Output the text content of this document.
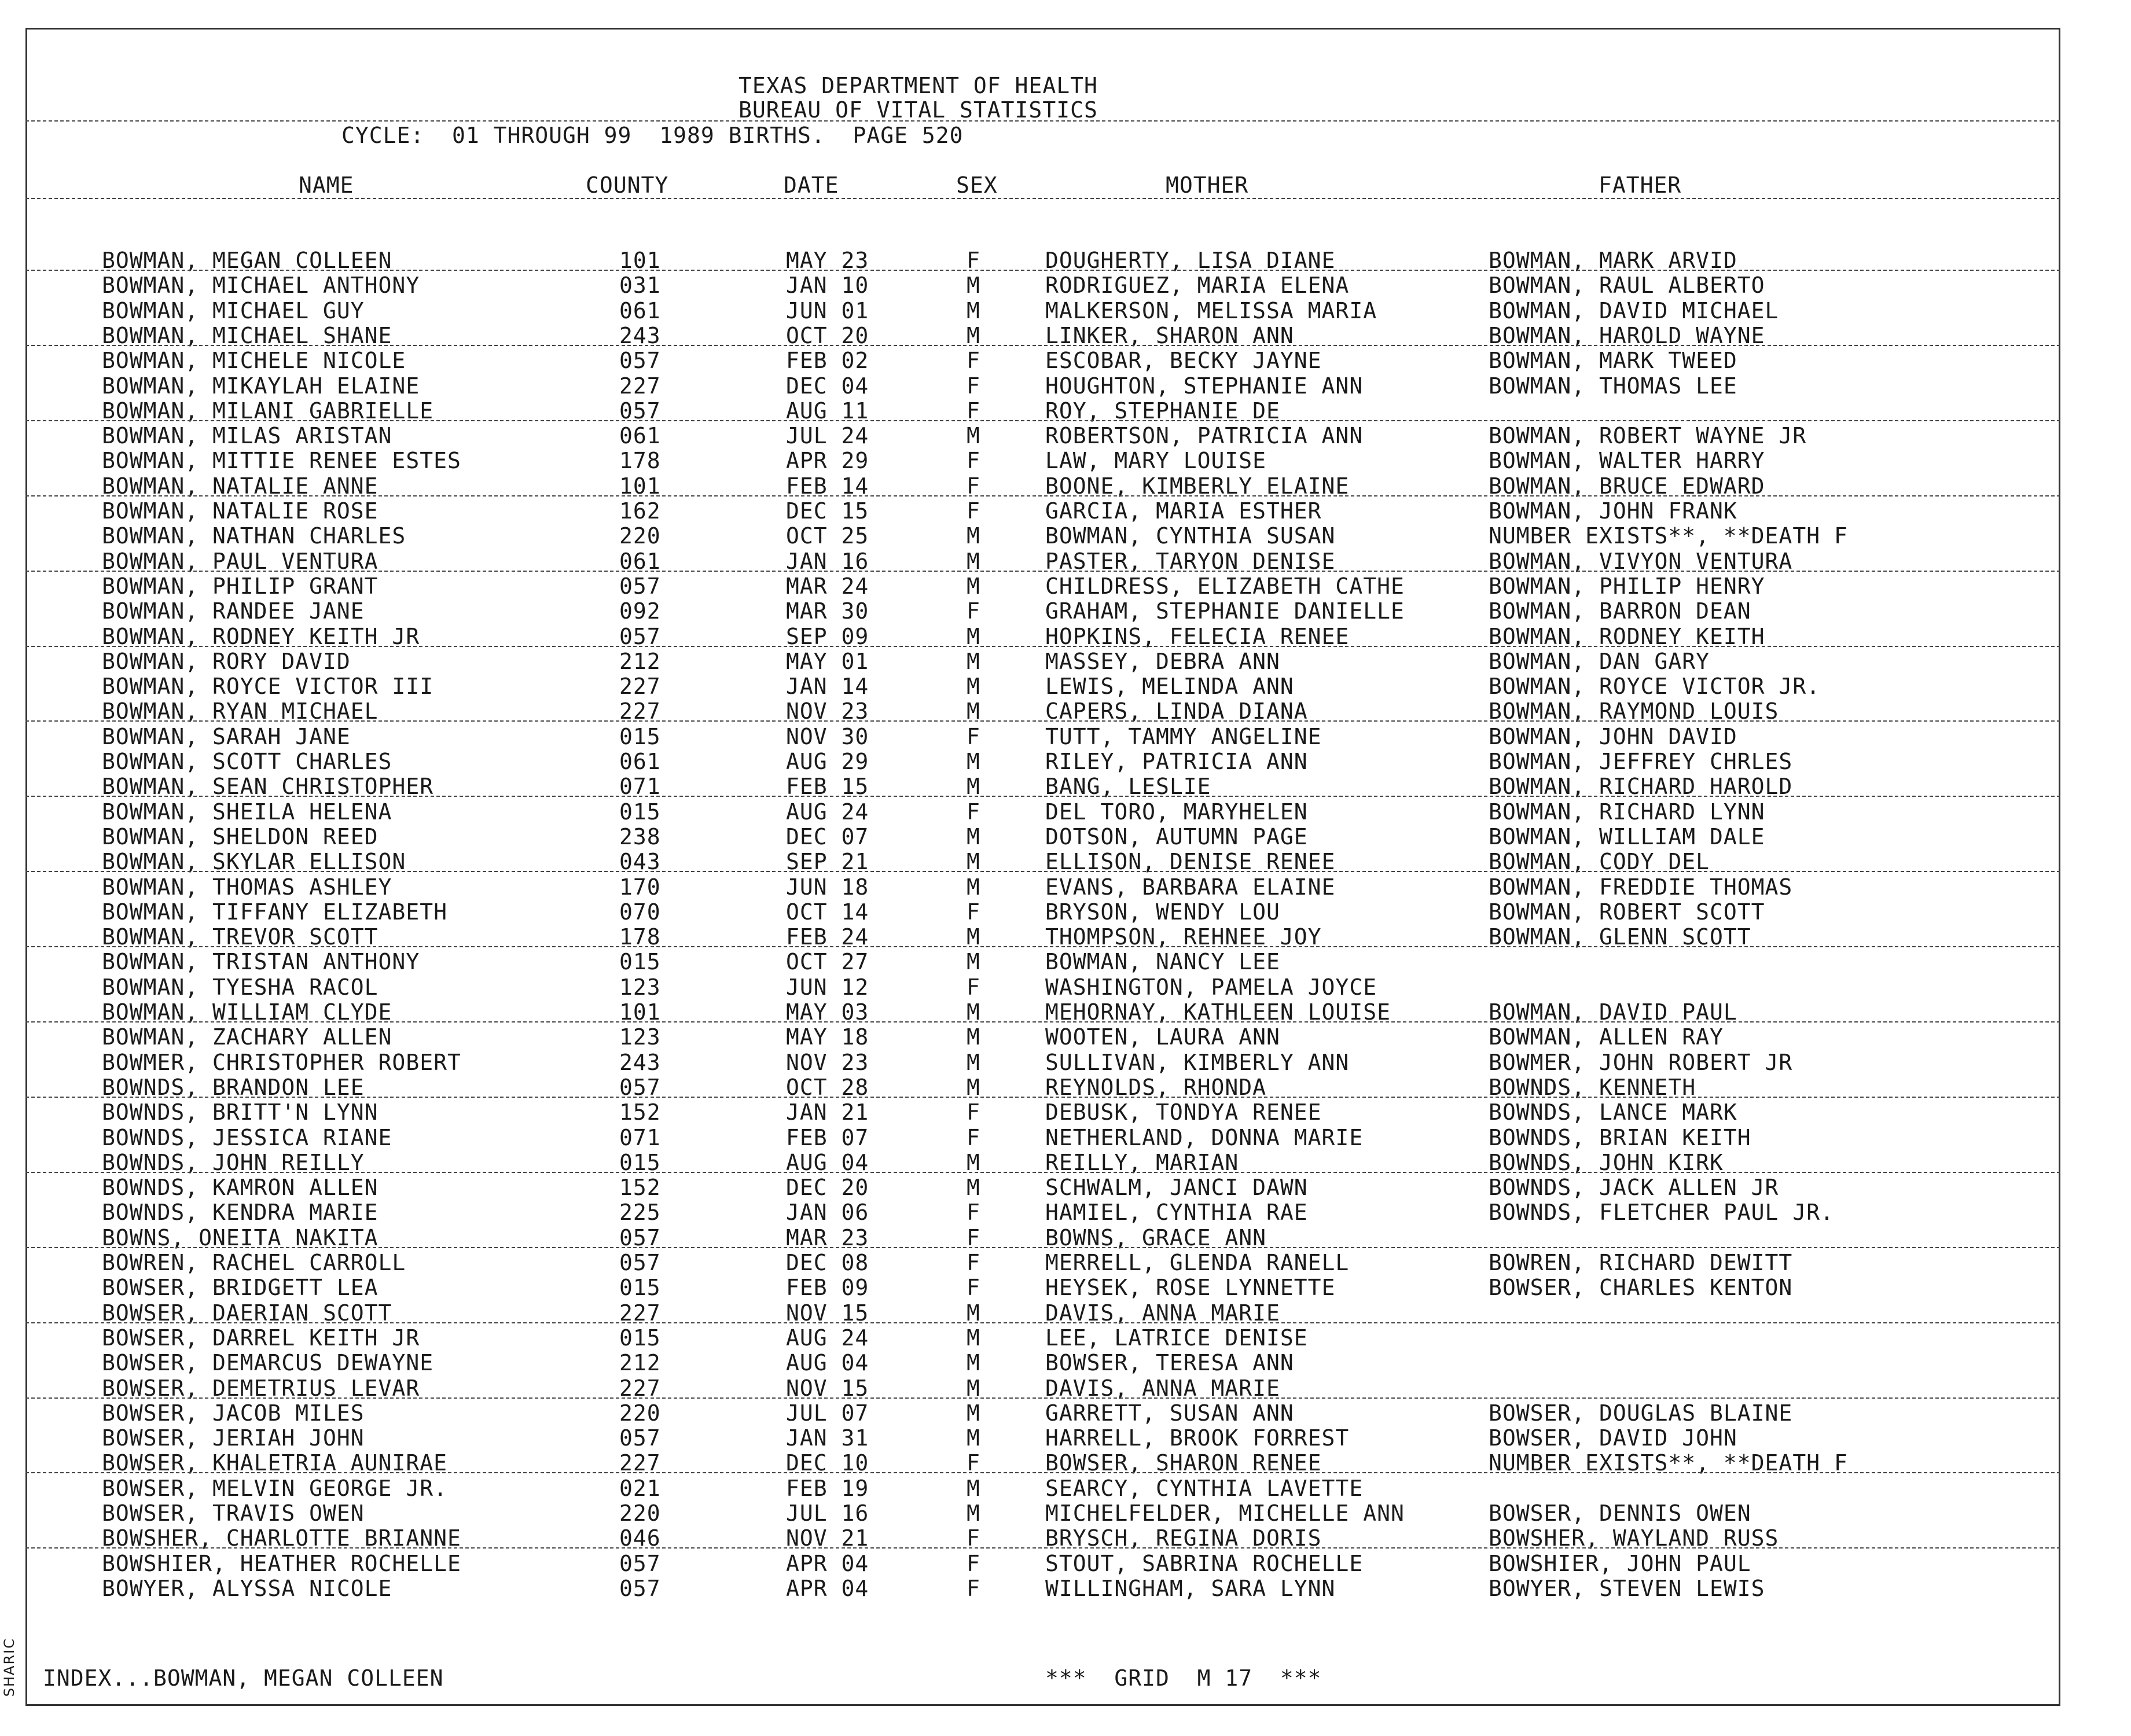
TEXAS DEPARTMENT OF HEALTH
BUREAU OF VITAL STATISTICS
CYCLE:  01 THROUGH 99  1989 BIRTHS.  PAGE 520
NAME	COUNTY	DATE	SEX	MOTHER	FATHER
BOWMAN, MEGAN COLLEEN	101	MAY 23	F	DOUGHERTY, LISA DIANE	BOWMAN, MARK ARVID
BOWMAN, MICHAEL ANTHONY	031	JAN 10	M	RODRIGUEZ, MARIA ELENA	BOWMAN, RAUL ALBERTO
BOWMAN, MICHAEL GUY	061	JUN 01	M	MALKERSON, MELISSA MARIA	BOWMAN, DAVID MICHAEL
BOWMAN, MICHAEL SHANE	243	OCT 20	M	LINKER, SHARON ANN	BOWMAN, HAROLD WAYNE
BOWMAN, MICHELE NICOLE	057	FEB 02	F	ESCOBAR, BECKY JAYNE	BOWMAN, MARK TWEED
BOWMAN, MIKAYLAH ELAINE	227	DEC 04	F	HOUGHTON, STEPHANIE ANN	BOWMAN, THOMAS LEE
BOWMAN, MILANI GABRIELLE	057	AUG 11	F	ROY, STEPHANIE DE
BOWMAN, MILAS ARISTAN	061	JUL 24	M	ROBERTSON, PATRICIA ANN	BOWMAN, ROBERT WAYNE JR
BOWMAN, MITTIE RENEE ESTES	178	APR 29	F	LAW, MARY LOUISE	BOWMAN, WALTER HARRY
BOWMAN, NATALIE ANNE	101	FEB 14	F	BOONE, KIMBERLY ELAINE	BOWMAN, BRUCE EDWARD
BOWMAN, NATALIE ROSE	162	DEC 15	F	GARCIA, MARIA ESTHER	BOWMAN, JOHN FRANK
BOWMAN, NATHAN CHARLES	220	OCT 25	M	BOWMAN, CYNTHIA SUSAN	NUMBER EXISTS**, **DEATH F
BOWMAN, PAUL VENTURA	061	JAN 16	M	PASTER, TARYON DENISE	BOWMAN, VIVYON VENTURA
BOWMAN, PHILIP GRANT	057	MAR 24	M	CHILDRESS, ELIZABETH CATHE	BOWMAN, PHILIP HENRY
BOWMAN, RANDEE JANE	092	MAR 30	F	GRAHAM, STEPHANIE DANIELLE	BOWMAN, BARRON DEAN
BOWMAN, RODNEY KEITH JR	057	SEP 09	M	HOPKINS, FELECIA RENEE	BOWMAN, RODNEY KEITH
BOWMAN, RORY DAVID	212	MAY 01	M	MASSEY, DEBRA ANN	BOWMAN, DAN GARY
BOWMAN, ROYCE VICTOR III	227	JAN 14	M	LEWIS, MELINDA ANN	BOWMAN, ROYCE VICTOR JR.
BOWMAN, RYAN MICHAEL	227	NOV 23	M	CAPERS, LINDA DIANA	BOWMAN, RAYMOND LOUIS
BOWMAN, SARAH JANE	015	NOV 30	F	TUTT, TAMMY ANGELINE	BOWMAN, JOHN DAVID
BOWMAN, SCOTT CHARLES	061	AUG 29	M	RILEY, PATRICIA ANN	BOWMAN, JEFFREY CHRLES
BOWMAN, SEAN CHRISTOPHER	071	FEB 15	M	BANG, LESLIE	BOWMAN, RICHARD HAROLD
BOWMAN, SHEILA HELENA	015	AUG 24	F	DEL TORO, MARYHELEN	BOWMAN, RICHARD LYNN
BOWMAN, SHELDON REED	238	DEC 07	M	DOTSON, AUTUMN PAGE	BOWMAN, WILLIAM DALE
BOWMAN, SKYLAR ELLISON	043	SEP 21	M	ELLISON, DENISE RENEE	BOWMAN, CODY DEL
BOWMAN, THOMAS ASHLEY	170	JUN 18	M	EVANS, BARBARA ELAINE	BOWMAN, FREDDIE THOMAS
BOWMAN, TIFFANY ELIZABETH	070	OCT 14	F	BRYSON, WENDY LOU	BOWMAN, ROBERT SCOTT
BOWMAN, TREVOR SCOTT	178	FEB 24	M	THOMPSON, REHNEE JOY	BOWMAN, GLENN SCOTT
BOWMAN, TRISTAN ANTHONY	015	OCT 27	M	BOWMAN, NANCY LEE
BOWMAN, TYESHA RACOL	123	JUN 12	F	WASHINGTON, PAMELA JOYCE
BOWMAN, WILLIAM CLYDE	101	MAY 03	M	MEHORNAY, KATHLEEN LOUISE	BOWMAN, DAVID PAUL
BOWMAN, ZACHARY ALLEN	123	MAY 18	M	WOOTEN, LAURA ANN	BOWMAN, ALLEN RAY
BOWMER, CHRISTOPHER ROBERT	243	NOV 23	M	SULLIVAN, KIMBERLY ANN	BOWMER, JOHN ROBERT JR
BOWNDS, BRANDON LEE	057	OCT 28	M	REYNOLDS, RHONDA	BOWNDS, KENNETH
BOWNDS, BRITT'N LYNN	152	JAN 21	F	DEBUSK, TONDYA RENEE	BOWNDS, LANCE MARK
BOWNDS, JESSICA RIANE	071	FEB 07	F	NETHERLAND, DONNA MARIE	BOWNDS, BRIAN KEITH
BOWNDS, JOHN REILLY	015	AUG 04	M	REILLY, MARIAN	BOWNDS, JOHN KIRK
BOWNDS, KAMRON ALLEN	152	DEC 20	M	SCHWALM, JANCI DAWN	BOWNDS, JACK ALLEN JR
BOWNDS, KENDRA MARIE	225	JAN 06	F	HAMIEL, CYNTHIA RAE	BOWNDS, FLETCHER PAUL JR.
BOWNS, ONEITA NAKITA	057	MAR 23	F	BOWNS, GRACE ANN
BOWREN, RACHEL CARROLL	057	DEC 08	F	MERRELL, GLENDA RANELL	BOWREN, RICHARD DEWITT
BOWSER, BRIDGETT LEA	015	FEB 09	F	HEYSEK, ROSE LYNNETTE	BOWSER, CHARLES KENTON
BOWSER, DAERIAN SCOTT	227	NOV 15	M	DAVIS, ANNA MARIE
BOWSER, DARREL KEITH JR	015	AUG 24	M	LEE, LATRICE DENISE
BOWSER, DEMARCUS DEWAYNE	212	AUG 04	M	BOWSER, TERESA ANN
BOWSER, DEMETRIUS LEVAR	227	NOV 15	M	DAVIS, ANNA MARIE
BOWSER, JACOB MILES	220	JUL 07	M	GARRETT, SUSAN ANN	BOWSER, DOUGLAS BLAINE
BOWSER, JERIAH JOHN	057	JAN 31	M	HARRELL, BROOK FORREST	BOWSER, DAVID JOHN
BOWSER, KHALETRIA AUNIRAE	227	DEC 10	F	BOWSER, SHARON RENEE	NUMBER EXISTS**, **DEATH F
BOWSER, MELVIN GEORGE JR.	021	FEB 19	M	SEARCY, CYNTHIA LAVETTE
BOWSER, TRAVIS OWEN	220	JUL 16	M	MICHELFELDER, MICHELLE ANN	BOWSER, DENNIS OWEN
BOWSHER, CHARLOTTE BRIANNE	046	NOV 21	F	BRYSCH, REGINA DORIS	BOWSHER, WAYLAND RUSS
BOWSHIER, HEATHER ROCHELLE	057	APR 04	F	STOUT, SABRINA ROCHELLE	BOWSHIER, JOHN PAUL
BOWYER, ALYSSA NICOLE	057	APR 04	F	WILLINGHAM, SARA LYNN	BOWYER, STEVEN LEWIS
INDEX...BOWMAN, MEGAN COLLEEN	***  GRID  M 17  ***
SHARIC
